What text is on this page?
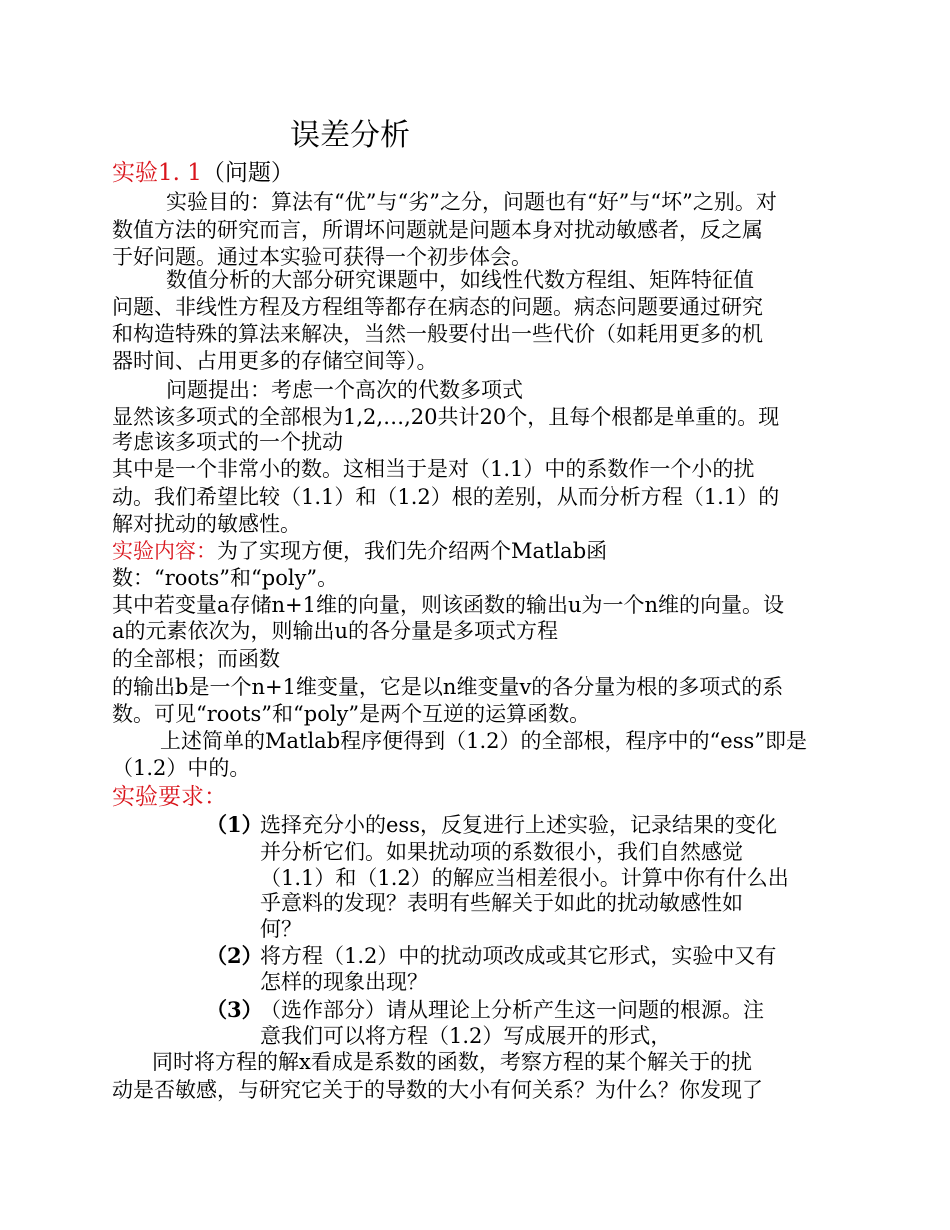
误差分析
实验1. 1（问题）
实验目的：算法有“优”与“劣”之分，问题也有“好”与“坏”之别。对
数值方法的研究而言，所谓坏问题就是问题本身对扰动敏感者，反之属
于好问题。通过本实验可获得一个初步体会。
数值分析的大部分研究课题中，如线性代数方程组、矩阵特征值
问题、非线性方程及方程组等都存在病态的问题。病态问题要通过研究
和构造特殊的算法来解决，当然一般要付出一些代价（如耗用更多的机
器时间、占用更多的存储空间等）。
问题提出：考虑一个高次的代数多项式
显然该多项式的全部根为1,2,…,20共计20个，且每个根都是单重的。现
考虑该多项式的一个扰动
其中是一个非常小的数。这相当于是对（1.1）中的系数作一个小的扰
动。我们希望比较（1.1）和（1.2）根的差别，从而分析方程（1.1）的
解对扰动的敏感性。
实验内容：为了实现方便，我们先介绍两个Matlab函
数：“roots”和“poly”。
其中若变量a存储n+1维的向量，则该函数的输出u为一个n维的向量。设
a的元素依次为，则输出u的各分量是多项式方程
的全部根；而函数
的输出b是一个n+1维变量，它是以n维变量v的各分量为根的多项式的系
数。可见“roots”和“poly”是两个互逆的运算函数。
上述简单的Matlab程序便得到（1.2）的全部根，程序中的“ess”即是
（1.2）中的。
实验要求：
（1）选择充分小的ess，反复进行上述实验，记录结果的变化
并分析它们。如果扰动项的系数很小，我们自然感觉
（1.1）和（1.2）的解应当相差很小。计算中你有什么出
乎意料的发现？表明有些解关于如此的扰动敏感性如
何？
（2）将方程（1.2）中的扰动项改成或其它形式，实验中又有
怎样的现象出现？
（3）（选作部分）请从理论上分析产生这一问题的根源。注
意我们可以将方程（1.2）写成展开的形式，
同时将方程的解x看成是系数的函数，考察方程的某个解关于的扰
动是否敏感，与研究它关于的导数的大小有何关系？为什么？你发现了
